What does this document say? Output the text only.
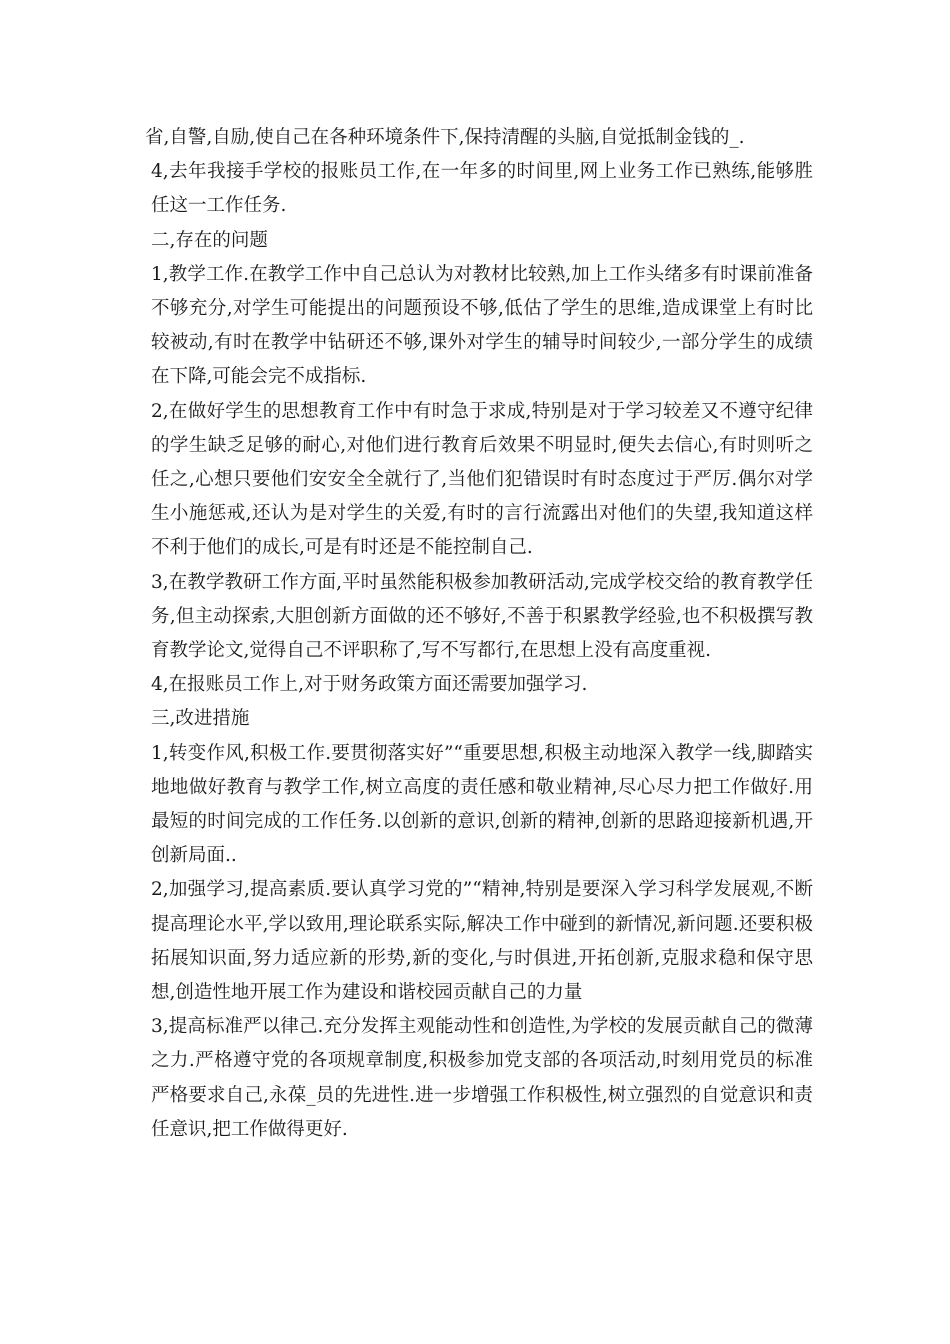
省,自警,自励,使自己在各种环境条件下,保持清醒的头脑,自觉抵制金钱的_.

4,去年我接手学校的报账员工作,在一年多的时间里,网上业务工作已熟练,能够胜任这一工作任务.

二,存在的问题

1,教学工作.在教学工作中自己总认为对教材比较熟,加上工作头绪多有时课前准备不够充分,对学生可能提出的问题预设不够,低估了学生的思维,造成课堂上有时比较被动,有时在教学中钻研还不够,课外对学生的辅导时间较少,一部分学生的成绩在下降,可能会完不成指标.

2,在做好学生的思想教育工作中有时急于求成,特别是对于学习较差又不遵守纪律的学生缺乏足够的耐心,对他们进行教育后效果不明显时,便失去信心,有时则听之任之,心想只要他们安安全全就行了,当他们犯错误时有时态度过于严厉.偶尔对学生小施惩戒,还认为是对学生的关爱,有时的言行流露出对他们的失望,我知道这样不利于他们的成长,可是有时还是不能控制自己.

3,在教学教研工作方面,平时虽然能积极参加教研活动,完成学校交给的教育教学任务,但主动探索,大胆创新方面做的还不够好,不善于积累教学经验,也不积极撰写教育教学论文,觉得自己不评职称了,写不写都行,在思想上没有高度重视.

4,在报账员工作上,对于财务政策方面还需要加强学习.

三,改进措施

1,转变作风,积极工作.要贯彻落实好”“重要思想,积极主动地深入教学一线,脚踏实地地做好教育与教学工作,树立高度的责任感和敬业精神,尽心尽力把工作做好.用最短的时间完成的工作任务.以创新的意识,创新的精神,创新的思路迎接新机遇,开创新局面..

2,加强学习,提高素质.要认真学习党的”“精神,特别是要深入学习科学发展观,不断提高理论水平,学以致用,理论联系实际,解决工作中碰到的新情况,新问题.还要积极拓展知识面,努力适应新的形势,新的变化,与时俱进,开拓创新,克服求稳和保守思想,创造性地开展工作为建设和谐校园贡献自己的力量

3,提高标准严以律己.充分发挥主观能动性和创造性,为学校的发展贡献自己的微薄之力.严格遵守党的各项规章制度,积极参加党支部的各项活动,时刻用党员的标准严格要求自己,永葆_员的先进性.进一步增强工作积极性,树立强烈的自觉意识和责任意识,把工作做得更好.
